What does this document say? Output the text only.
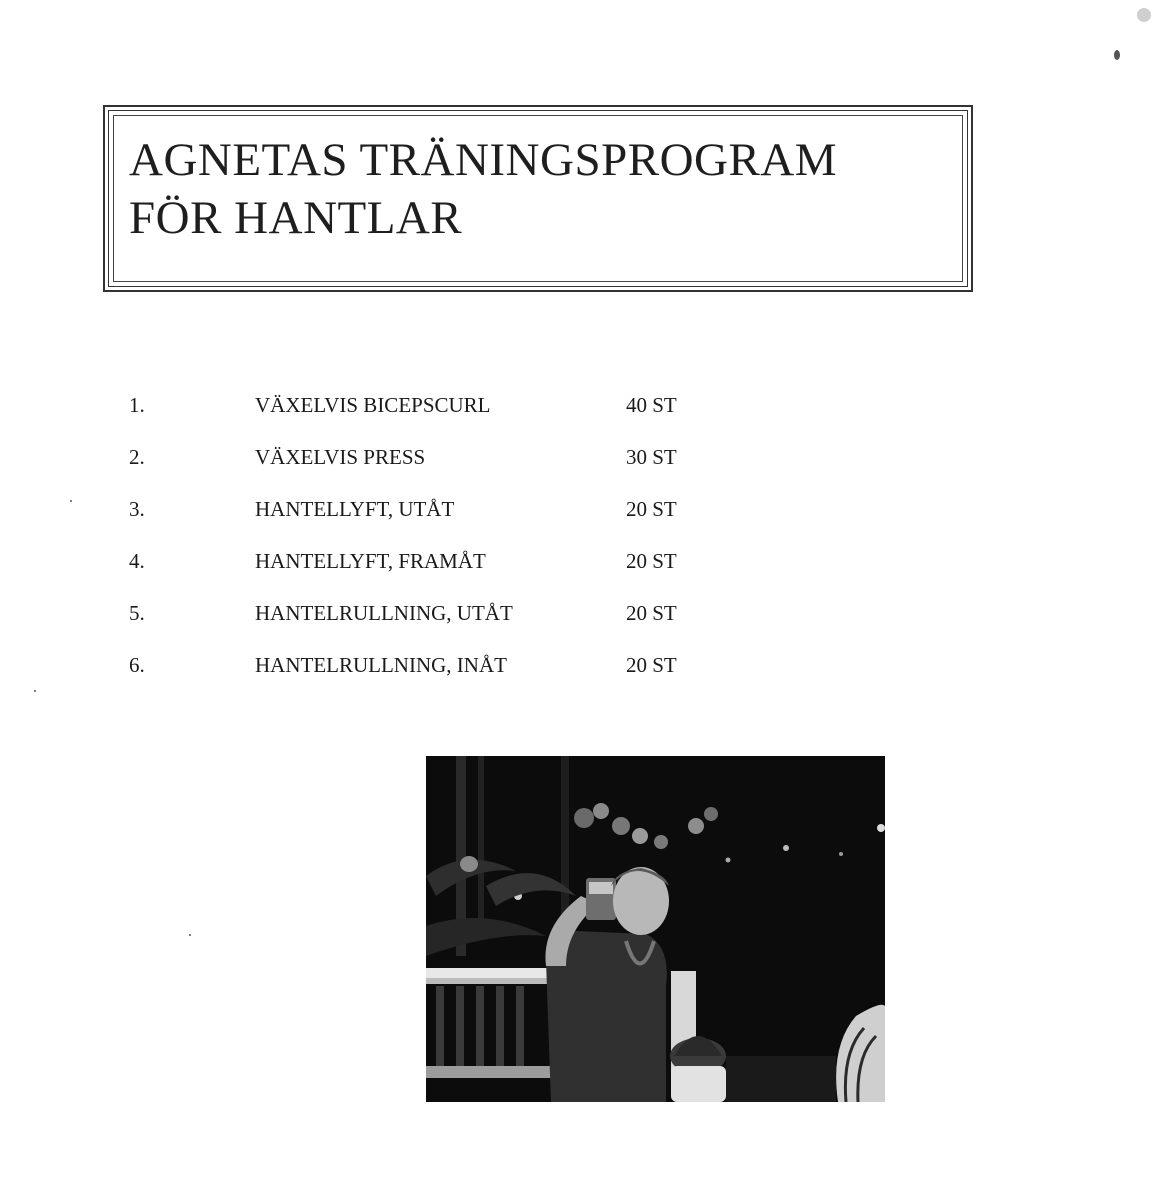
AGNETAS TRÄNINGSPROGRAM
FÖR HANTLAR
1.	VÄXELVIS BICEPSCURL	40 ST
2.	VÄXELVIS PRESS	30 ST
3.	HANTELLYFT, UTÅT	20 ST
4.	HANTELLYFT, FRAMÅT	20 ST
5.	HANTELRULLNING, UTÅT	20 ST
6.	HANTELRULLNING, INÅT	20 ST
